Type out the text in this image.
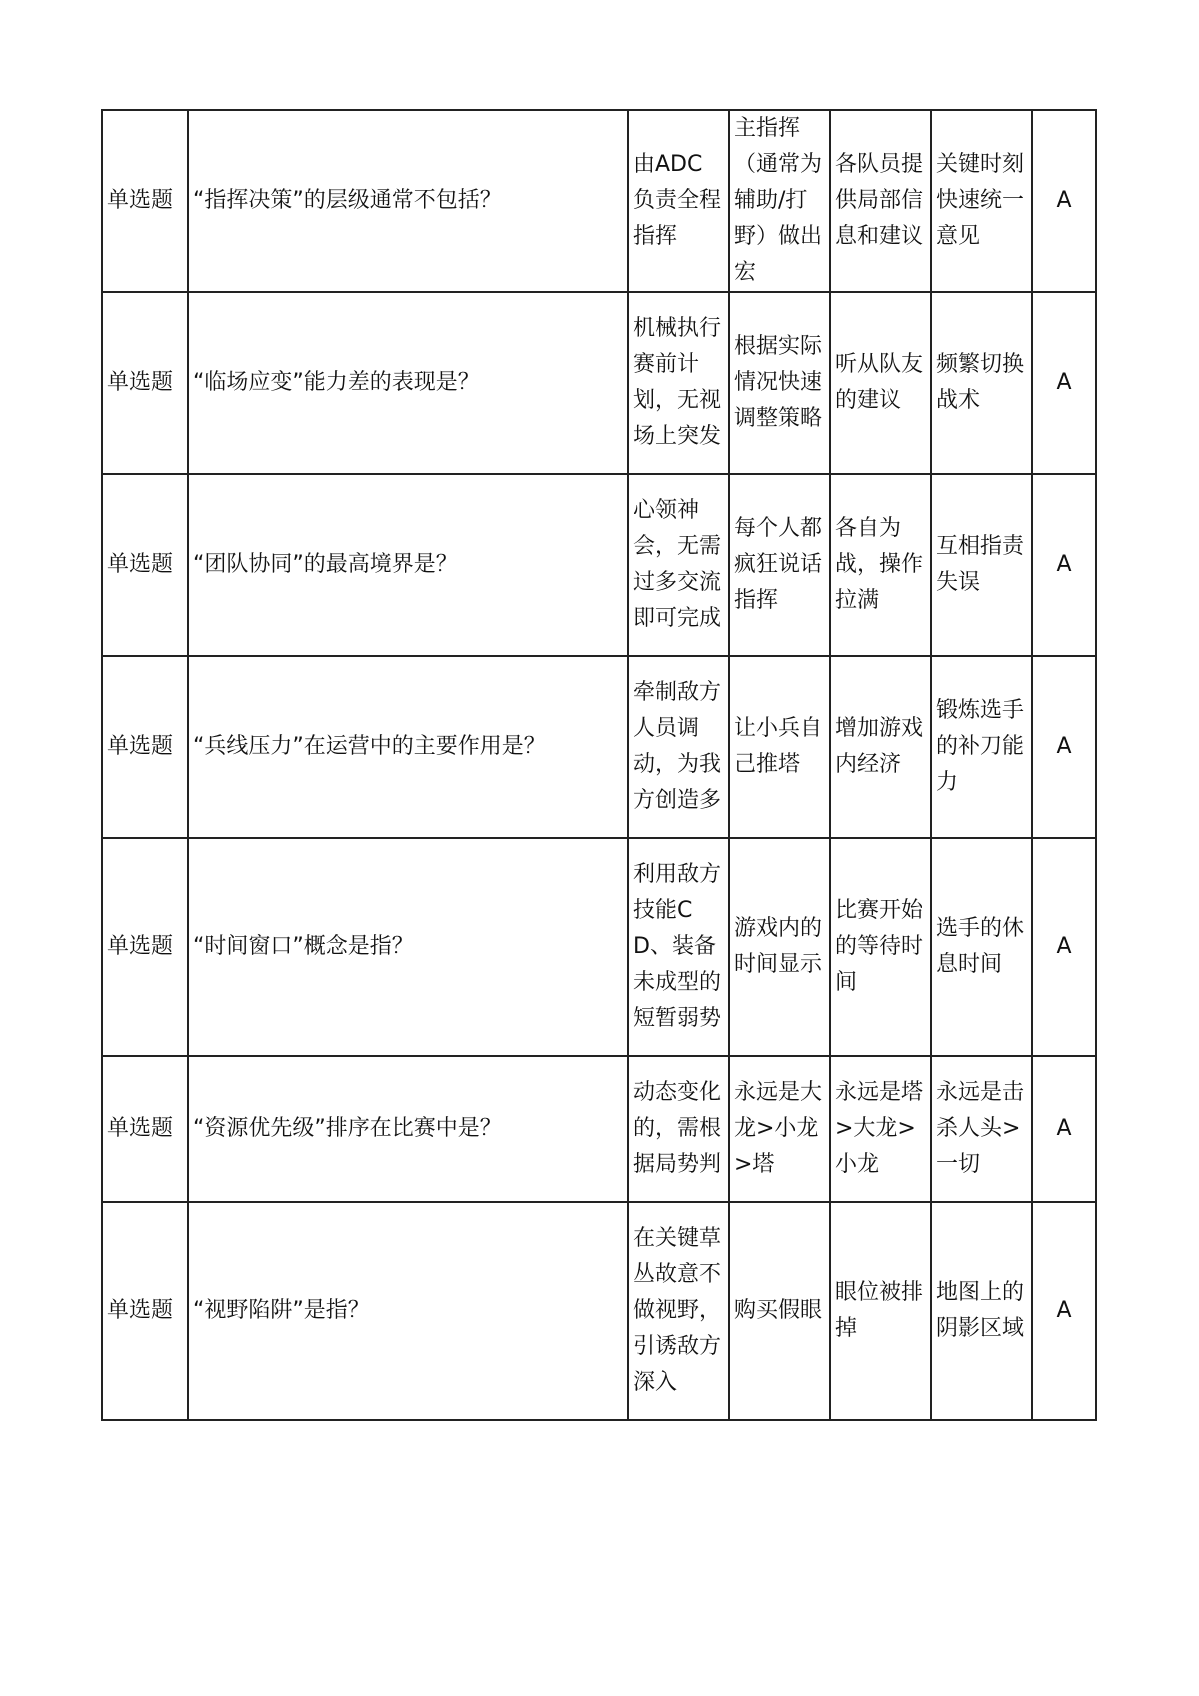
单选题	“指挥决策”的层级通常不包括？	由ADC负责全程指挥	主指挥（通常为辅助/打野）做出宏	各队员提供局部信息和建议	关键时刻快速统一意见	A
单选题	“临场应变”能力差的表现是？	机械执行赛前计划，无视场上突发	根据实际情况快速调整策略	听从队友的建议	频繁切换战术	A
单选题	“团队协同”的最高境界是？	心领神会，无需过多交流即可完成	每个人都疯狂说话指挥	各自为战，操作拉满	互相指责失误	A
单选题	“兵线压力”在运营中的主要作用是？	牵制敌方人员调动，为我方创造多	让小兵自己推塔	增加游戏内经济	锻炼选手的补刀能力	A
单选题	“时间窗口”概念是指？	利用敌方技能CD、装备未成型的短暂弱势	游戏内的时间显示	比赛开始的等待时间	选手的休息时间	A
单选题	“资源优先级”排序在比赛中是？	动态变化的，需根据局势判	永远是大龙>小龙>塔	永远是塔>大龙>小龙	永远是击杀人头>一切	A
单选题	“视野陷阱”是指？	在关键草丛故意不做视野，引诱敌方深入	购买假眼	眼位被排掉	地图上的阴影区域	A
